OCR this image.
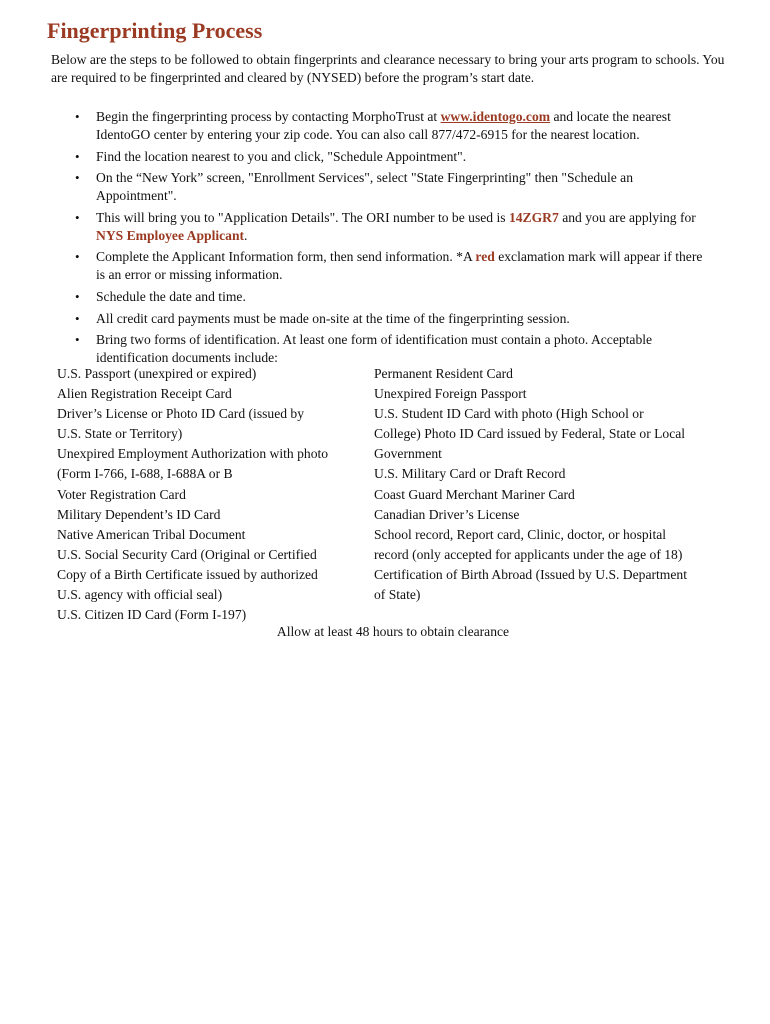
Fingerprinting Process

Below are the steps to be followed to obtain fingerprints and clearance necessary to bring your arts program to schools. You are required to be fingerprinted and cleared by (NYSED) before the program’s start date.

• Begin the fingerprinting process by contacting MorphoTrust at www.identogo.com and locate the nearest IdentoGO center by entering your zip code. You can also call 877/472-6915 for the nearest location.
• Find the location nearest to you and click, "Schedule Appointment".
• On the “New York” screen, "Enrollment Services", select "State Fingerprinting" then "Schedule an Appointment".
• This will bring you to "Application Details". The ORI number to be used is 14ZGR7 and you are applying for NYS Employee Applicant.
• Complete the Applicant Information form, then send information. *A red exclamation mark will appear if there is an error or missing information.
• Schedule the date and time.
• All credit card payments must be made on-site at the time of the fingerprinting session.
• Bring two forms of identification. At least one form of identification must contain a photo. Acceptable identification documents include:
U.S. Passport (unexpired or expired)
Alien Registration Receipt Card
Driver’s License or Photo ID Card (issued by
U.S. State or Territory)
Unexpired Employment Authorization with photo
(Form I-766, I-688, I-688A or B
Voter Registration Card
Military Dependent’s ID Card
Native American Tribal Document
U.S. Social Security Card (Original or Certified
Copy of a Birth Certificate issued by authorized
U.S. agency with official seal)
U.S. Citizen ID Card (Form I-197)
Permanent Resident Card
Unexpired Foreign Passport
U.S. Student ID Card with photo (High School or
College) Photo ID Card issued by Federal, State or Local
Government
U.S. Military Card or Draft Record
Coast Guard Merchant Mariner Card
Canadian Driver’s License
School record, Report card, Clinic, doctor, or hospital
record (only accepted for applicants under the age of 18)
Certification of Birth Abroad (Issued by U.S. Department
of State)

Allow at least 48 hours to obtain clearance
